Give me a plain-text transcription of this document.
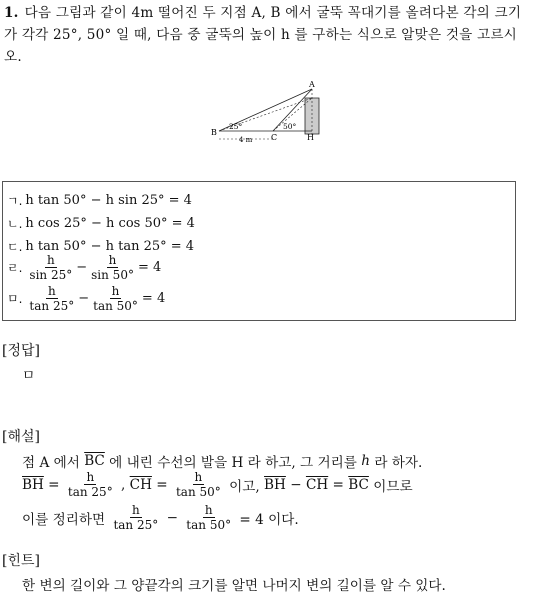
1. 다음 그림과 같이 4m 떨어진 두 지점 A, B 에서 굴뚝 꼭대기를 올려다본 각의 크기가 각각 25°, 50° 일 때, 다음 중 굴뚝의 높이 h 를 구하는 식으로 알맞은 것을 고르시오.
A
B
C	H
25°	50°
4 m
ㄱ. h tan 50° − h sin 25° = 4
ㄴ. h cos 25° − h cos 50° = 4
ㄷ. h tan 50° − h tan 25° = 4
ㄹ. $\frac{h}{\sin 25^\circ} - \frac{h}{\sin 50^\circ} = 4$
ㅁ. $\frac{h}{\tan 25^\circ} - \frac{h}{\tan 50^\circ} = 4$
[정답]
ㅁ
[해설]
점 A 에서
$\overline{BC}$
에 내린 수선의 발을 H 라 하고, 그 거리를
h
라 하자.
$\overline{BH} = \frac{h}{\tan 25^\circ}$ , $\overline{CH} = \frac{h}{\tan 50^\circ}$
이고,
$\overline{BH} - \overline{CH} = \overline{BC}$
이므로
이를 정리하면
$\frac{h}{\tan 25^\circ} - \frac{h}{\tan 50^\circ}$
= 4 이다.
[힌트]
한 변의 길이와 그 양끝각의 크기를 알면 나머지 변의 길이를 알 수 있다.
